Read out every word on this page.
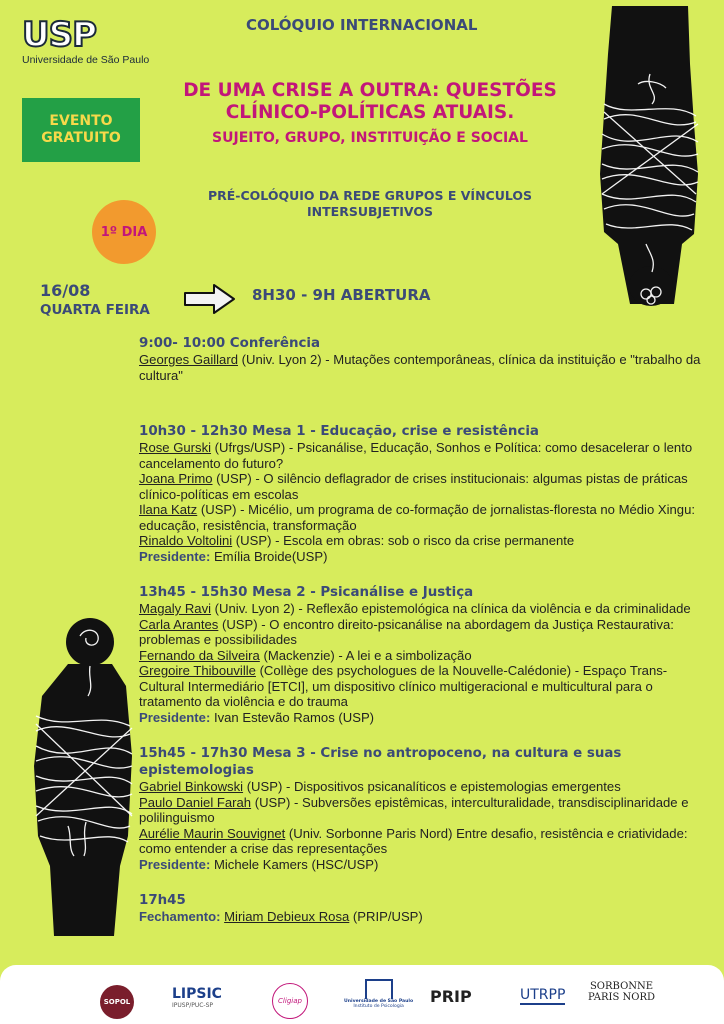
USP
Universidade de São Paulo
COLÓQUIO INTERNACIONAL
DE UMA CRISE A OUTRA: QUESTÕES
CLÍNICO-POLÍTICAS ATUAIS.
SUJEITO, GRUPO, INSTITUIÇÃO E SOCIAL
EVENTO
GRATUITO
PRÉ-COLÓQUIO DA REDE GRUPOS E VÍNCULOS
INTERSUBJETIVOS
1º DIA
16/08
QUARTA FEIRA
8H30 - 9H ABERTURA
9:00- 10:00 Conferência

Georges Gaillard (Univ. Lyon 2) - Mutações contemporâneas, clínica da instituição e "trabalho da cultura"

10h30 - 12h30 Mesa 1 - Educação, crise e resistência

Rose Gurski (Ufrgs/USP) - Psicanálise, Educação, Sonhos e Política: como desacelerar o lento cancelamento do futuro?

Joana Primo (USP) - O silêncio deflagrador de crises institucionais: algumas pistas de práticas clínico-políticas em escolas

Ilana Katz (USP) - Micélio, um programa de co-formação de jornalistas-floresta no Médio Xingu: educação, resistência, transformação

Rinaldo Voltolini (USP) - Escola em obras: sob o risco da crise permanente

Presidente: Emília Broide(USP)

13h45 - 15h30 Mesa 2 - Psicanálise e Justiça

Magaly Ravi (Univ. Lyon 2) - Reflexão epistemológica na clínica da violência e da criminalidade

Carla Arantes (USP) - O encontro direito-psicanálise na abordagem da Justiça Restaurativa: problemas e possibilidades

Fernando da Silveira (Mackenzie) - A lei e a simbolização

Gregoire Thibouville (Collège des psychologues de la Nouvelle-Calédonie) - Espaço Trans-Cultural Intermediário [ETCI], um dispositivo clínico multigeracional e multicultural para o tratamento da violência e do trauma

Presidente: Ivan Estevão Ramos (USP)

15h45 - 17h30 Mesa 3 - Crise no antropoceno, na cultura e suas epistemologias

Gabriel Binkowski (USP) - Dispositivos psicanalíticos e epistemologias emergentes

Paulo Daniel Farah (USP) - Subversões epistêmicas, interculturalidade, transdisciplinaridade e polilinguismo

Aurélie Maurin Souvignet (Univ. Sorbonne Paris Nord) Entre desafio, resistência e criatividade: como entender a crise das representações

Presidente: Michele Kamers (HSC/USP)

17h45

Fechamento: Miriam Debieux Rosa (PRIP/USP)

SOPOL	LIPSIC
IPUSP/PUC-SP
Cligiap	Universidade de São Paulo
Instituto de Psicologia
PRIP	UTRPP
SORBONNE
PARIS NORD
